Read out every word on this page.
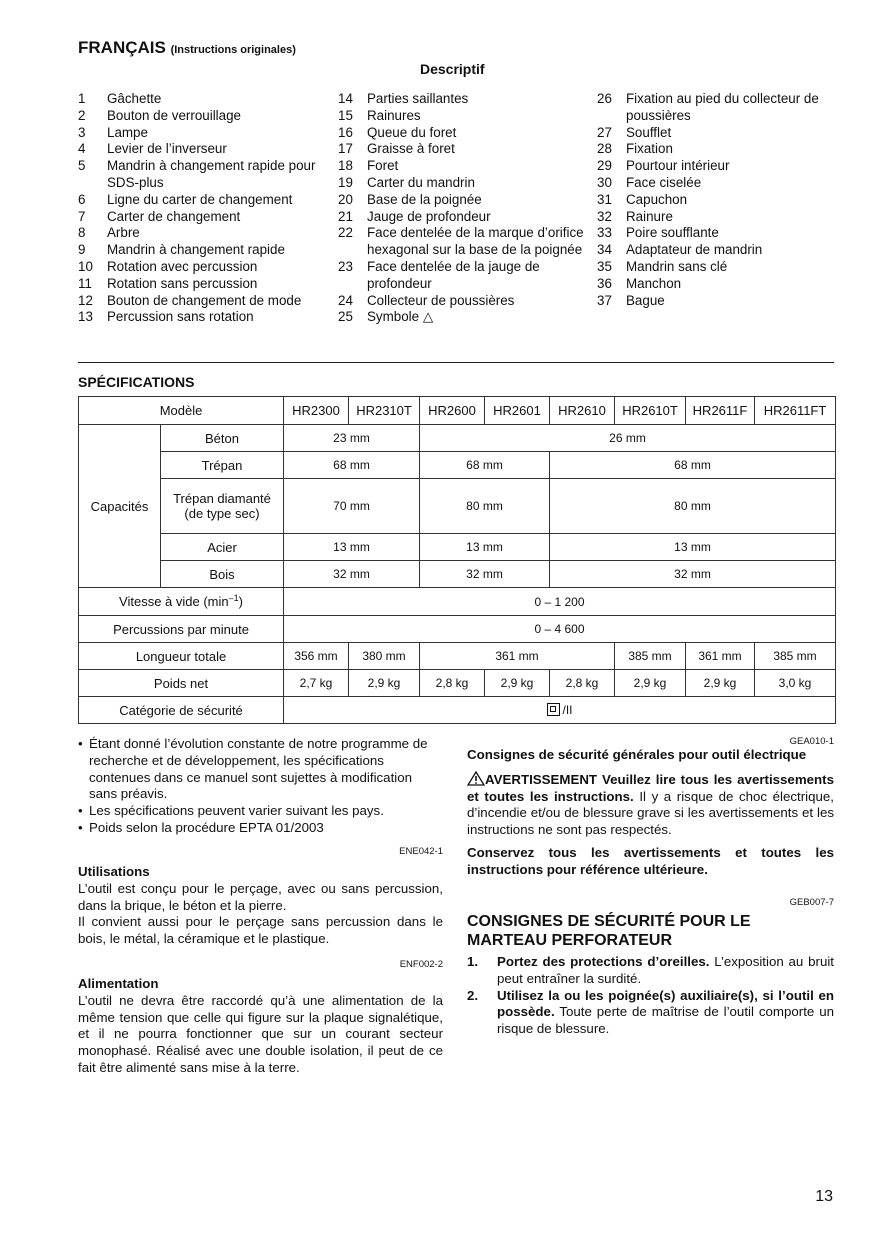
FRANÇAIS (Instructions originales)
Descriptif
1	Gâchette
2	Bouton de verrouillage
3	Lampe
4	Levier de l’inverseur
5	Mandrin à changement rapide pour SDS-plus
6	Ligne du carter de changement
7	Carter de changement
8	Arbre
9	Mandrin à changement rapide
10	Rotation avec percussion
11	Rotation sans percussion
12	Bouton de changement de mode
13	Percussion sans rotation
14	Parties saillantes
15	Rainures
16	Queue du foret
17	Graisse à foret
18	Foret
19	Carter du mandrin
20	Base de la poignée
21	Jauge de profondeur
22	Face dentelée de la marque d’orifice hexagonal sur la base de la poignée
23	Face dentelée de la jauge de profondeur
24	Collecteur de poussières
25	Symbole △
26	Fixation au pied du collecteur de poussières
27	Soufflet
28	Fixation
29	Pourtour intérieur
30	Face ciselée
31	Capuchon
32	Rainure
33	Poire soufflante
34	Adaptateur de mandrin
35	Mandrin sans clé
36	Manchon
37	Bague
SPÉCIFICATIONS
Modèle		HR2300	HR2310T	HR2600	HR2601	HR2610	HR2610T	HR2611F	HR2611FT
Capacités	Béton	23 mm		26 mm					
	Trépan	68 mm		68 mm		68 mm			
	Trépan diamanté (de type sec)	70 mm		80 mm		80 mm			
	Acier	13 mm		13 mm		13 mm			
	Bois	32 mm		32 mm		32 mm			
Vitesse à vide $(\min^{-1})$		0 – 1 200							
Percussions par minute		0 – 4 600							
Longueur totale		356 mm	380 mm	361 mm			385 mm	361 mm	385 mm
Poids net		2,7 kg	2,9 kg	2,8 kg	2,9 kg	2,8 kg	2,9 kg	2,9 kg	3,0 kg
Catégorie de sécurité		/II							
• Étant donné l’évolution constante de notre programme de recherche et de développement, les spécifications contenues dans ce manuel sont sujettes à modification sans préavis.
• Les spécifications peuvent varier suivant les pays.
• Poids selon la procédure EPTA 01/2003
ENE042-1
Utilisations
L’outil est conçu pour le perçage, avec ou sans percussion, dans la brique, le béton et la pierre.
Il convient aussi pour le perçage sans percussion dans le bois, le métal, la céramique et le plastique.
ENF002-2
Alimentation
L’outil ne devra être raccordé qu’à une alimentation de la même tension que celle qui figure sur la plaque signalétique, et il ne pourra fonctionner que sur un courant secteur monophasé. Réalisé avec une double isolation, il peut de ce fait être alimenté sans mise à la terre.
GEA010-1
Consignes de sécurité générales pour outil électrique
AVERTISSEMENT Veuillez lire tous les avertissements et toutes les instructions. Il y a risque de choc électrique, d’incendie et/ou de blessure grave si les avertissements et les instructions ne sont pas respectés.
Conservez tous les avertissements et toutes les instructions pour référence ultérieure.
GEB007-7
CONSIGNES DE SÉCURITÉ POUR LE MARTEAU PERFORATEUR
1.	Portez des protections d’oreilles. L’exposition au bruit peut entraîner la surdité.
2.	Utilisez la ou les poignée(s) auxiliaire(s), si l’outil en possède. Toute perte de maîtrise de l’outil comporte un risque de blessure.
13
